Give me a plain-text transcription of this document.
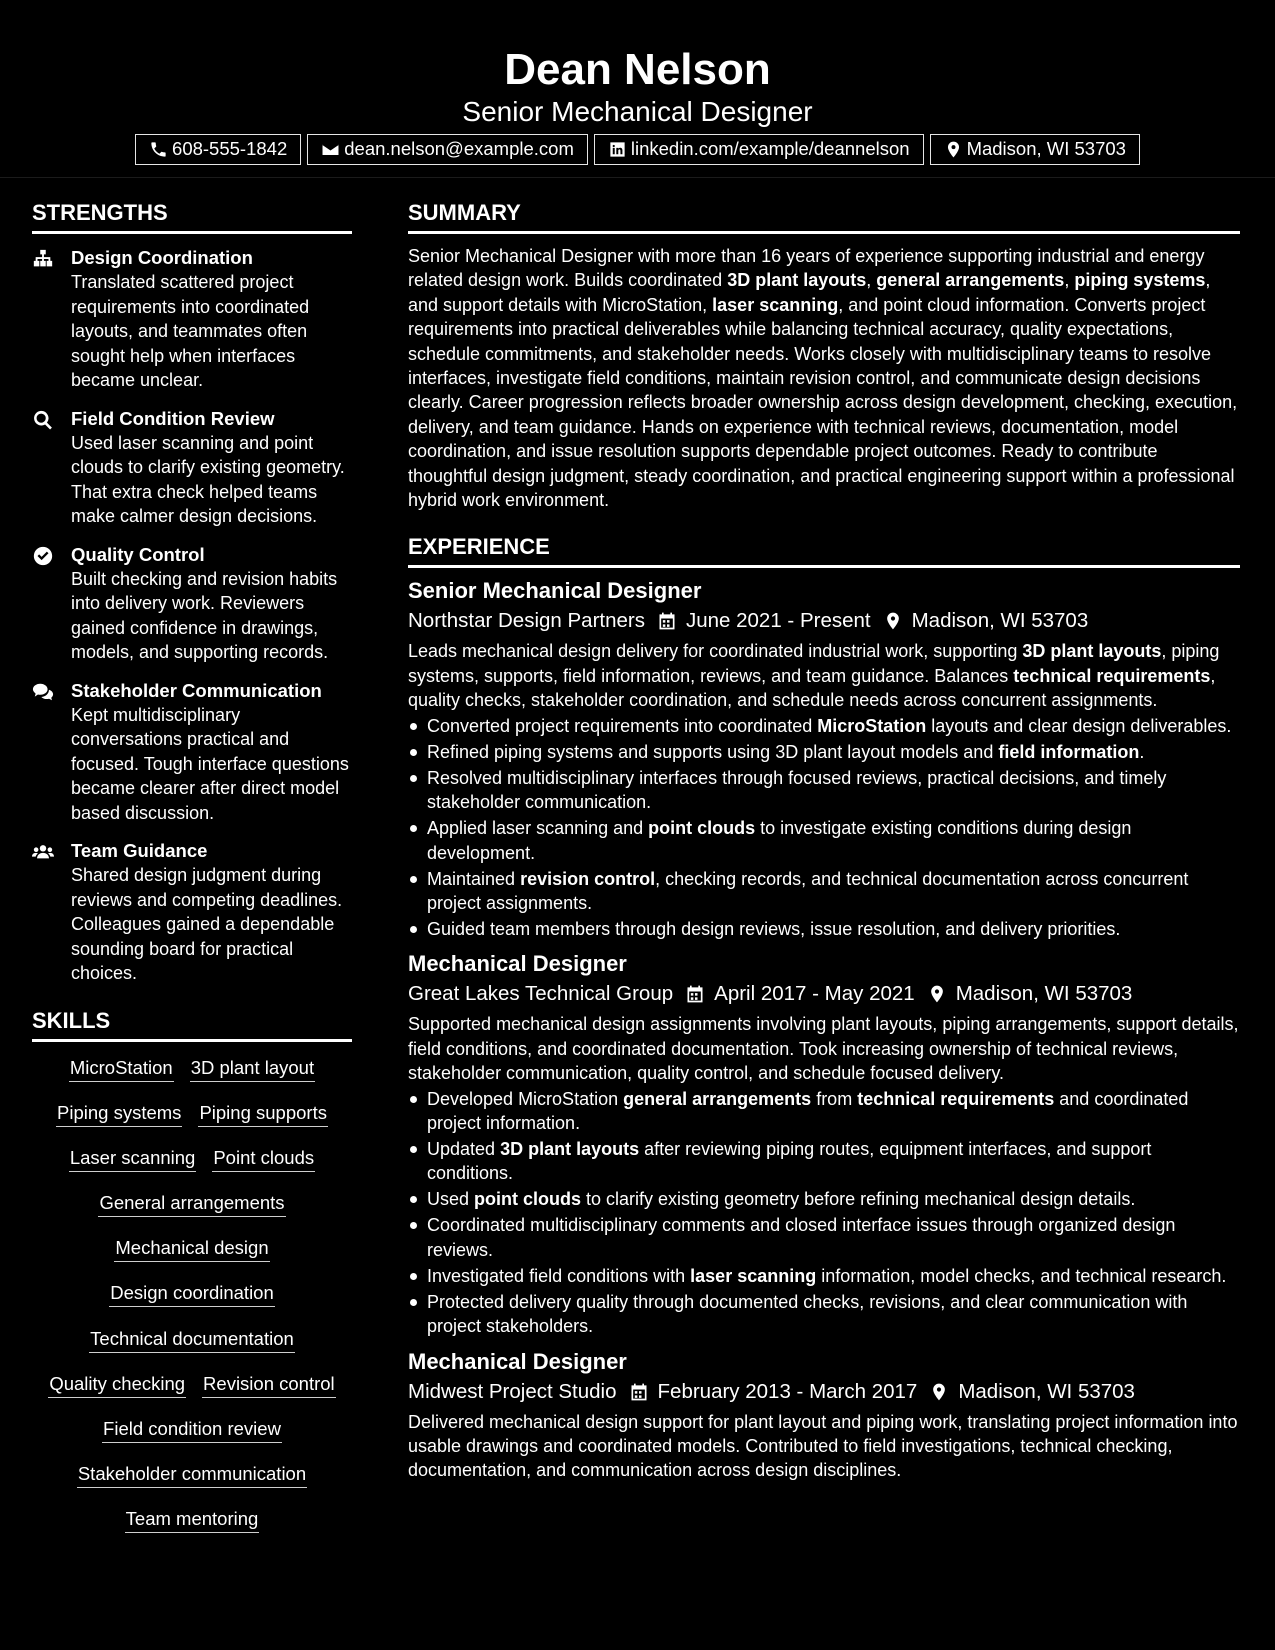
Dean Nelson
Senior Mechanical Designer
608-555-1842	dean.nelson@example.com	linkedin.com/example/deannelson	Madison, WI 53703
STRENGTHS
Design Coordination
Translated scattered project requirements into coordinated layouts, and teammates often sought help when interfaces became unclear.
Field Condition Review
Used laser scanning and point clouds to clarify existing geometry. That extra check helped teams make calmer design decisions.
Quality Control
Built checking and revision habits into delivery work. Reviewers gained confidence in drawings, models, and supporting records.
Stakeholder Communication
Kept multidisciplinary conversations practical and focused. Tough interface questions became clearer after direct model based discussion.
Team Guidance
Shared design judgment during reviews and competing deadlines. Colleagues gained a dependable sounding board for practical choices.
SKILLS
MicroStation 3D plant layout
Piping systems Piping supports
Laser scanning Point clouds
General arrangements
Mechanical design
Design coordination
Technical documentation
Quality checking Revision control
Field condition review
Stakeholder communication
Team mentoring
SUMMARY
Senior Mechanical Designer with more than 16 years of experience supporting industrial and energy related design work. Builds coordinated 3D plant layouts, general arrangements, piping systems, and support details with MicroStation, laser scanning, and point cloud information. Converts project requirements into practical deliverables while balancing technical accuracy, quality expectations, schedule commitments, and stakeholder needs. Works closely with multidisciplinary teams to resolve interfaces, investigate field conditions, maintain revision control, and communicate design decisions clearly. Career progression reflects broader ownership across design development, checking, execution, delivery, and team guidance. Hands on experience with technical reviews, documentation, model coordination, and issue resolution supports dependable project outcomes. Ready to contribute thoughtful design judgment, steady coordination, and practical engineering support within a professional hybrid work environment.
EXPERIENCE
Senior Mechanical Designer
Northstar Design Partners June 2021 - Present Madison, WI 53703
Leads mechanical design delivery for coordinated industrial work, supporting 3D plant layouts, piping systems, supports, field information, reviews, and team guidance. Balances technical requirements, quality checks, stakeholder coordination, and schedule needs across concurrent assignments.
Converted project requirements into coordinated MicroStation layouts and clear design deliverables.
Refined piping systems and supports using 3D plant layout models and field information.
Resolved multidisciplinary interfaces through focused reviews, practical decisions, and timely stakeholder communication.
Applied laser scanning and point clouds to investigate existing conditions during design development.
Maintained revision control, checking records, and technical documentation across concurrent project assignments.
Guided team members through design reviews, issue resolution, and delivery priorities.
Mechanical Designer
Great Lakes Technical Group April 2017 - May 2021 Madison, WI 53703
Supported mechanical design assignments involving plant layouts, piping arrangements, support details, field conditions, and coordinated documentation. Took increasing ownership of technical reviews, stakeholder communication, quality control, and schedule focused delivery.
Developed MicroStation general arrangements from technical requirements and coordinated project information.
Updated 3D plant layouts after reviewing piping routes, equipment interfaces, and support conditions.
Used point clouds to clarify existing geometry before refining mechanical design details.
Coordinated multidisciplinary comments and closed interface issues through organized design reviews.
Investigated field conditions with laser scanning information, model checks, and technical research.
Protected delivery quality through documented checks, revisions, and clear communication with project stakeholders.
Mechanical Designer
Midwest Project Studio February 2013 - March 2017 Madison, WI 53703
Delivered mechanical design support for plant layout and piping work, translating project information into usable drawings and coordinated models. Contributed to field investigations, technical checking, documentation, and communication across design disciplines.
